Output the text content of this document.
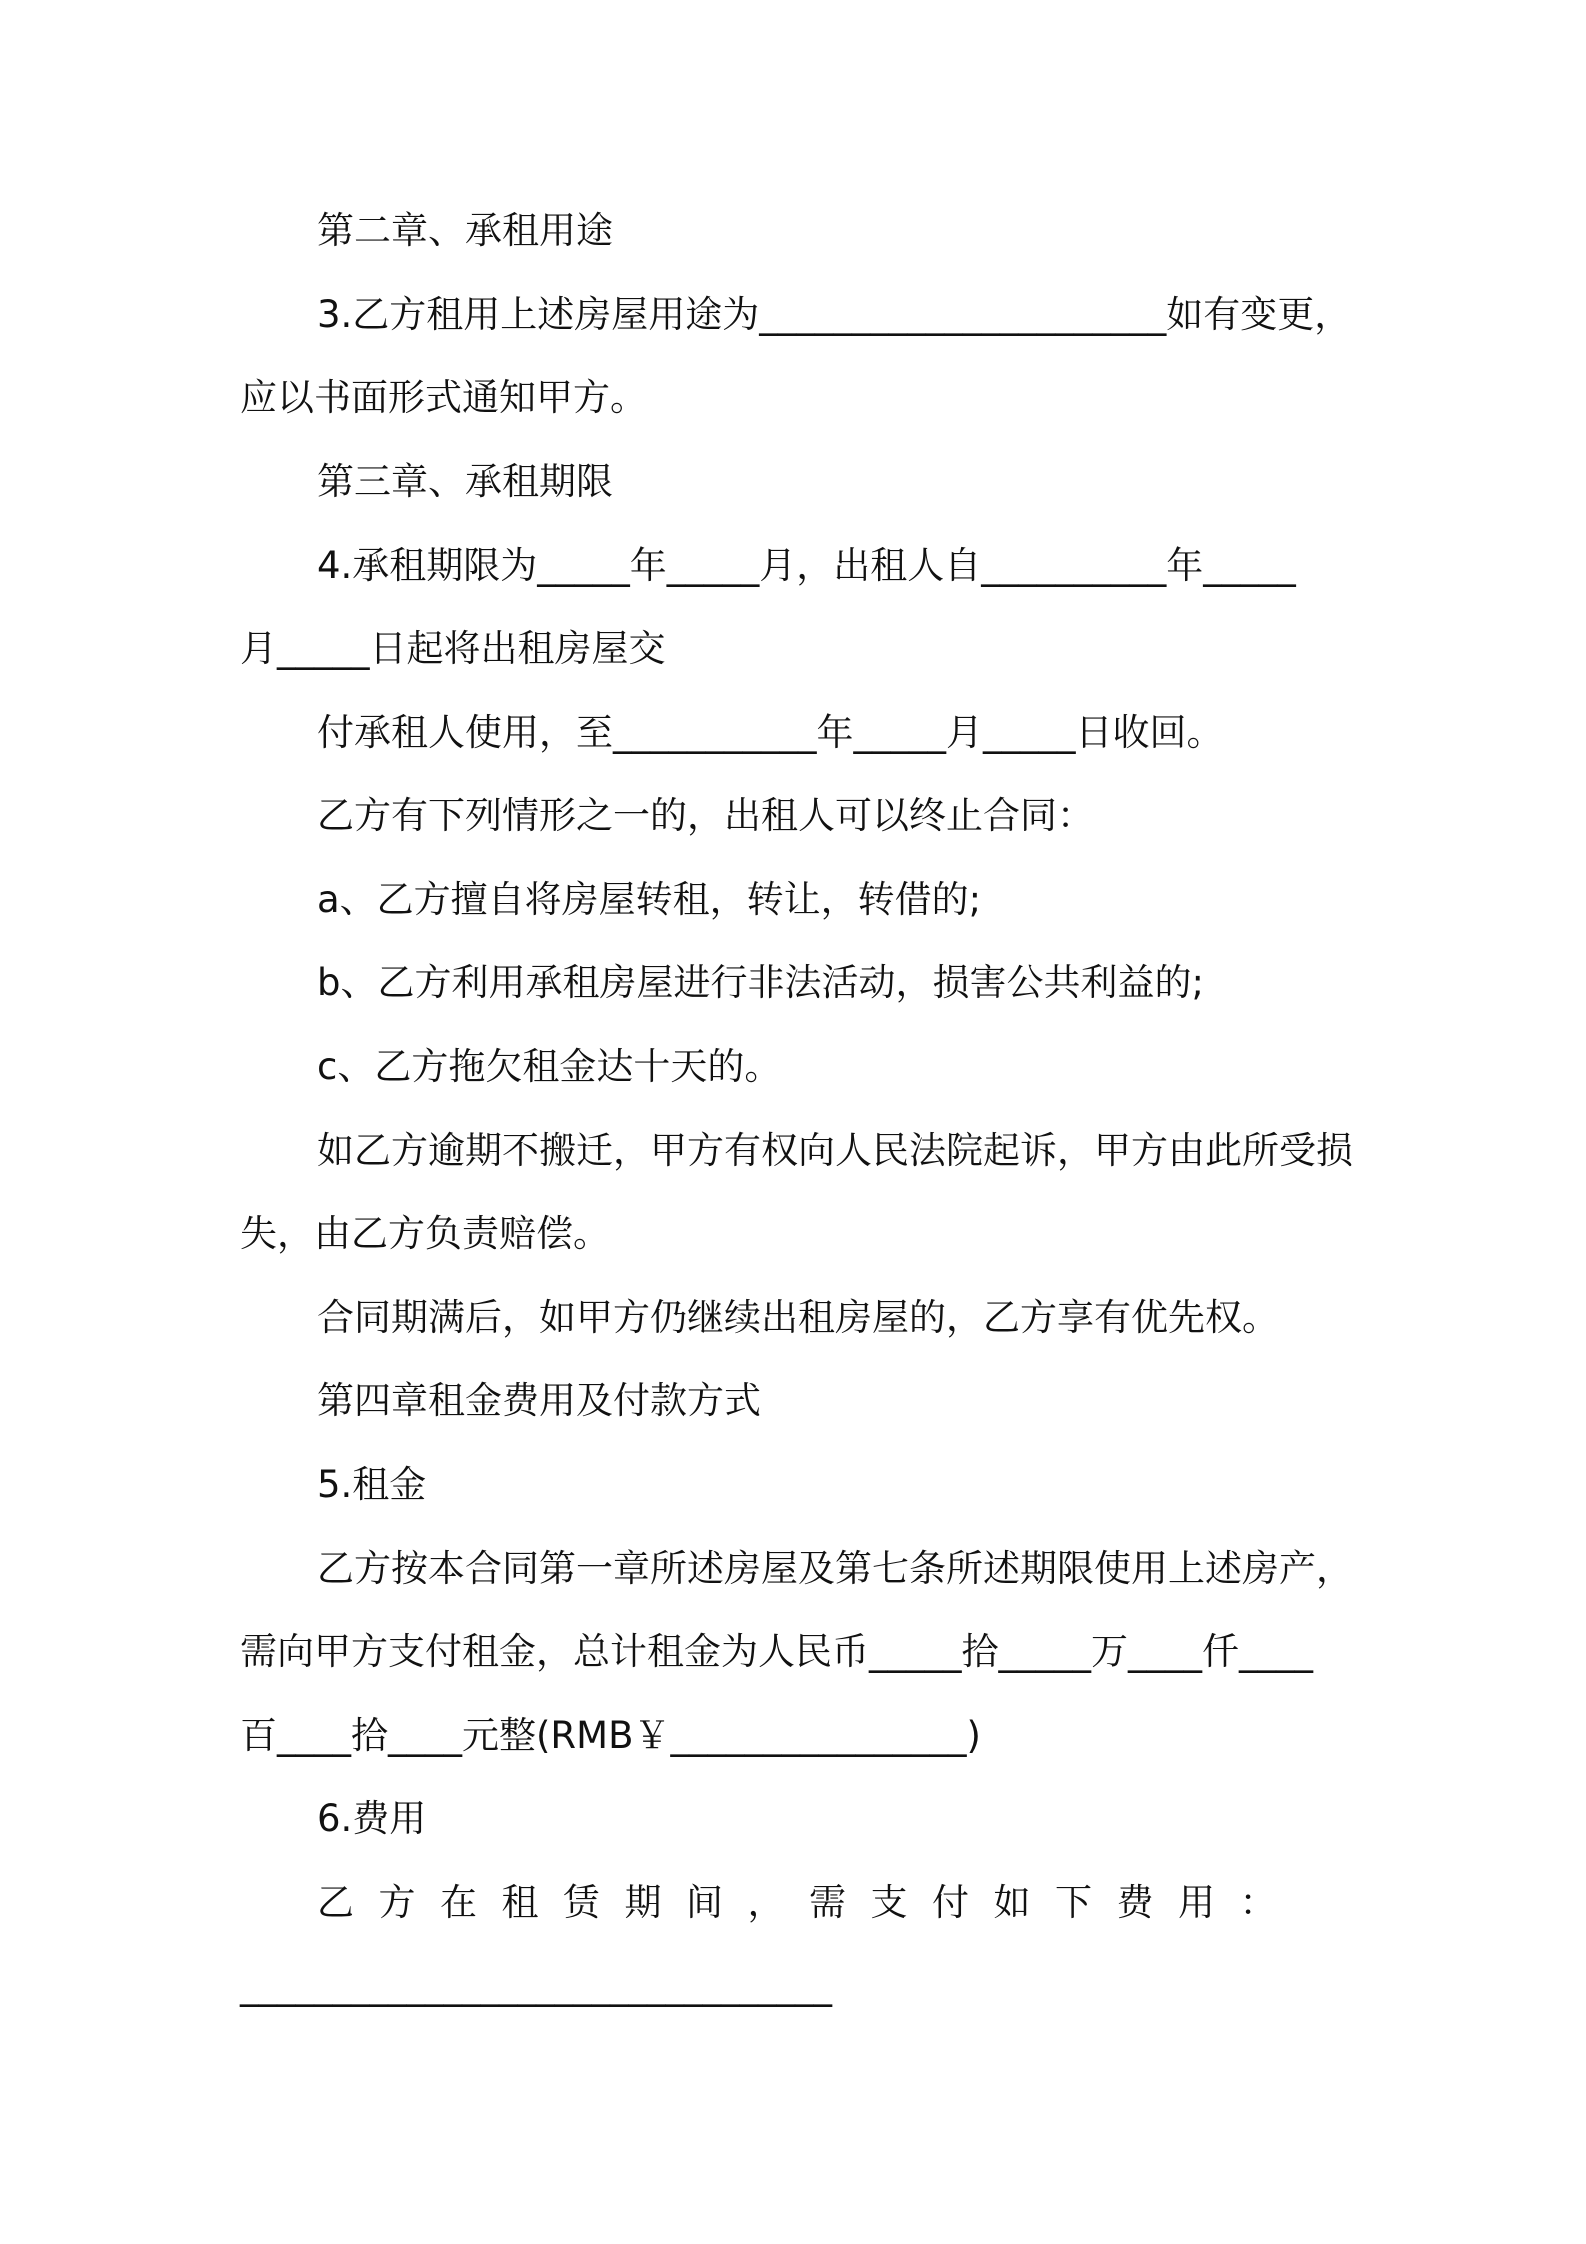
第二章、承租用途
3.乙方租用上述房屋用途为______________________如有变更，
应以书面形式通知甲方。
第三章、承租期限
4.承租期限为_____年_____月，出租人自__________年_____
月_____日起将出租房屋交
付承租人使用，至___________年_____月_____日收回。
乙方有下列情形之一的，出租人可以终止合同：
a、乙方擅自将房屋转租，转让，转借的;
b、乙方利用承租房屋进行非法活动，损害公共利益的;
c、乙方拖欠租金达十天的。
如乙方逾期不搬迁，甲方有权向人民法院起诉，甲方由此所受损
失，由乙方负责赔偿。
合同期满后，如甲方仍继续出租房屋的，乙方享有优先权。
第四章租金费用及付款方式
5.租金
乙方按本合同第一章所述房屋及第七条所述期限使用上述房产，
需向甲方支付租金，总计租金为人民币_____拾_____万____仟____
百____拾____元整(RMB￥________________)
6.费用
乙方在租赁期间，需支付如下费用：
________________________________
